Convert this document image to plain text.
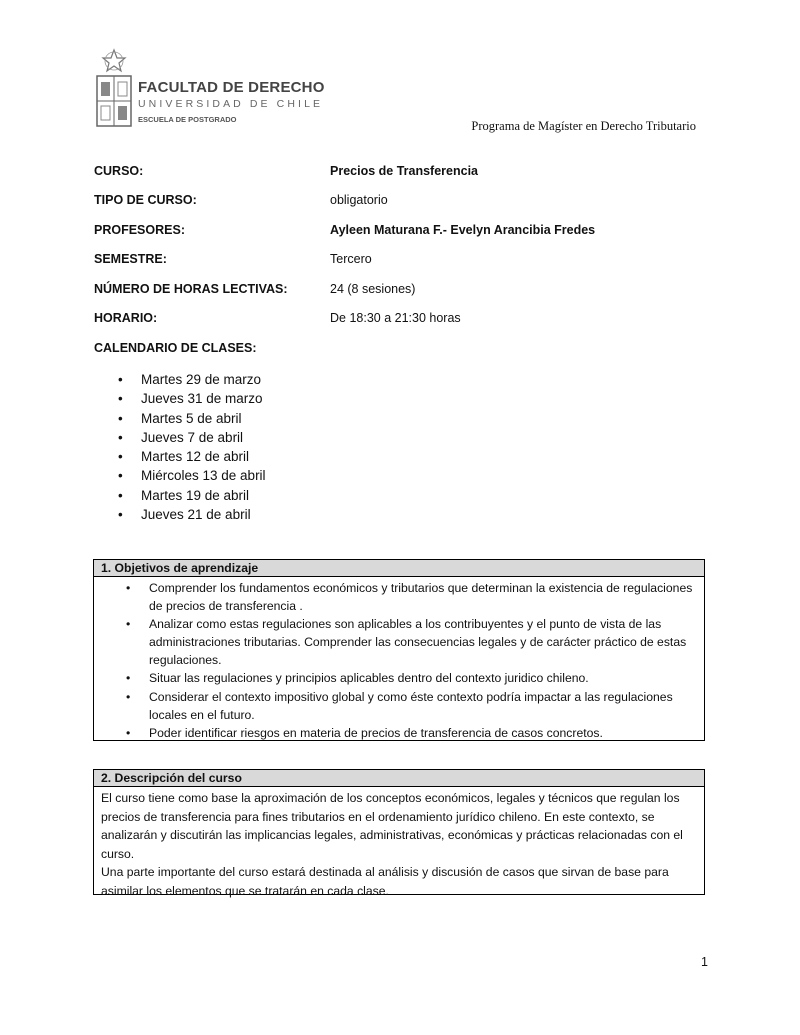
FACULTAD DE DERECHO
UNIVERSIDAD DE CHILE
ESCUELA DE POSTGRADO	Programa de Magíster en Derecho Tributario
CURSO:	Precios de Transferencia
TIPO DE CURSO:	obligatorio
PROFESORES:	Ayleen Maturana F.- Evelyn Arancibia Fredes
SEMESTRE:	Tercero
NÚMERO DE HORAS LECTIVAS:	24 (8 sesiones)
HORARIO:	De 18:30 a 21:30 horas
CALENDARIO DE CLASES:
• Martes 29 de marzo
• Jueves 31 de marzo
• Martes 5 de abril
• Jueves 7 de abril
• Martes 12 de abril
• Miércoles 13 de abril
• Martes 19 de abril
• Jueves 21 de abril
1. Objetivos de aprendizaje
• Comprender los fundamentos económicos y tributarios que determinan la existencia de regulaciones de precios de transferencia .
• Analizar como estas regulaciones son aplicables a los contribuyentes y el punto de vista de las administraciones tributarias. Comprender las consecuencias legales y de carácter práctico de estas regulaciones.
• Situar las regulaciones y principios aplicables dentro del contexto juridico chileno.
• Considerar el contexto impositivo global y como éste contexto podría impactar a las regulaciones locales en el futuro.
• Poder identificar riesgos en materia de precios de transferencia de casos concretos.
2. Descripción del curso
El curso tiene como base la aproximación de los conceptos económicos, legales y técnicos que regulan los precios de transferencia para fines tributarios en el ordenamiento jurídico chileno. En este contexto, se analizarán y discutirán las implicancias legales, administrativas, económicas y prácticas relacionadas con el curso.
Una parte importante del curso estará destinada al análisis y discusión de casos que sirvan de base para asimilar los elementos que se tratarán en cada clase.
1
